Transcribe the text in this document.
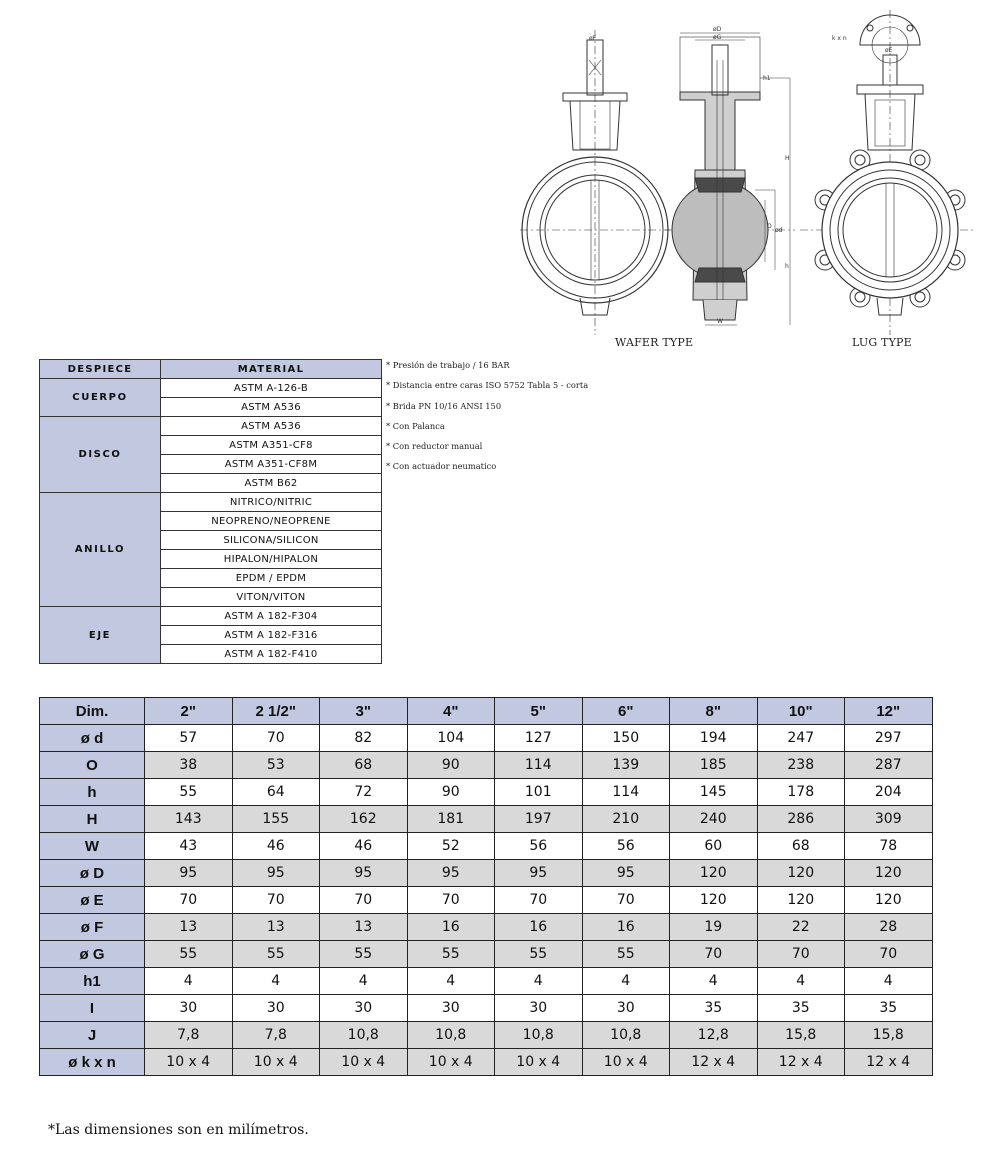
øF
øD
øG
h1
H
h
O
ød
W
k x n
øE
WAFER TYPE	LUG TYPE
DESPIECE	MATERIAL
CUERPO	ASTM A-126-B
	ASTM A536
DISCO	ASTM A536
	ASTM A351-CF8
	ASTM A351-CF8M
	ASTM B62
ANILLO	NITRICO/NITRIC
	NEOPRENO/NEOPRENE
	SILICONA/SILICON
	HIPALON/HIPALON
	EPDM / EPDM
	VITON/VITON
EJE	ASTM A 182-F304
	ASTM A 182-F316
	ASTM A 182-F410
* Presión de trabajo / 16 BAR
* Distancia entre caras ISO 5752 Tabla 5 - corta
* Brida PN 10/16 ANSI 150
* Con Palanca
* Con reductor manual
* Con actuador neumatico
Dim.	2"	2 1/2"	3"	4"	5"	6"	8"	10"	12"
ø d	57	70	82	104	127	150	194	247	297
O	38	53	68	90	114	139	185	238	287
h	55	64	72	90	101	114	145	178	204
H	143	155	162	181	197	210	240	286	309
W	43	46	46	52	56	56	60	68	78
ø D	95	95	95	95	95	95	120	120	120
ø E	70	70	70	70	70	70	120	120	120
ø F	13	13	13	16	16	16	19	22	28
ø G	55	55	55	55	55	55	70	70	70
h1	4	4	4	4	4	4	4	4	4
I	30	30	30	30	30	30	35	35	35
J	7,8	7,8	10,8	10,8	10,8	10,8	12,8	15,8	15,8
ø k x n	10 x 4	10 x 4	10 x 4	10 x 4	10 x 4	10 x 4	12 x 4	12 x 4	12 x 4
*Las dimensiones son en milímetros.
